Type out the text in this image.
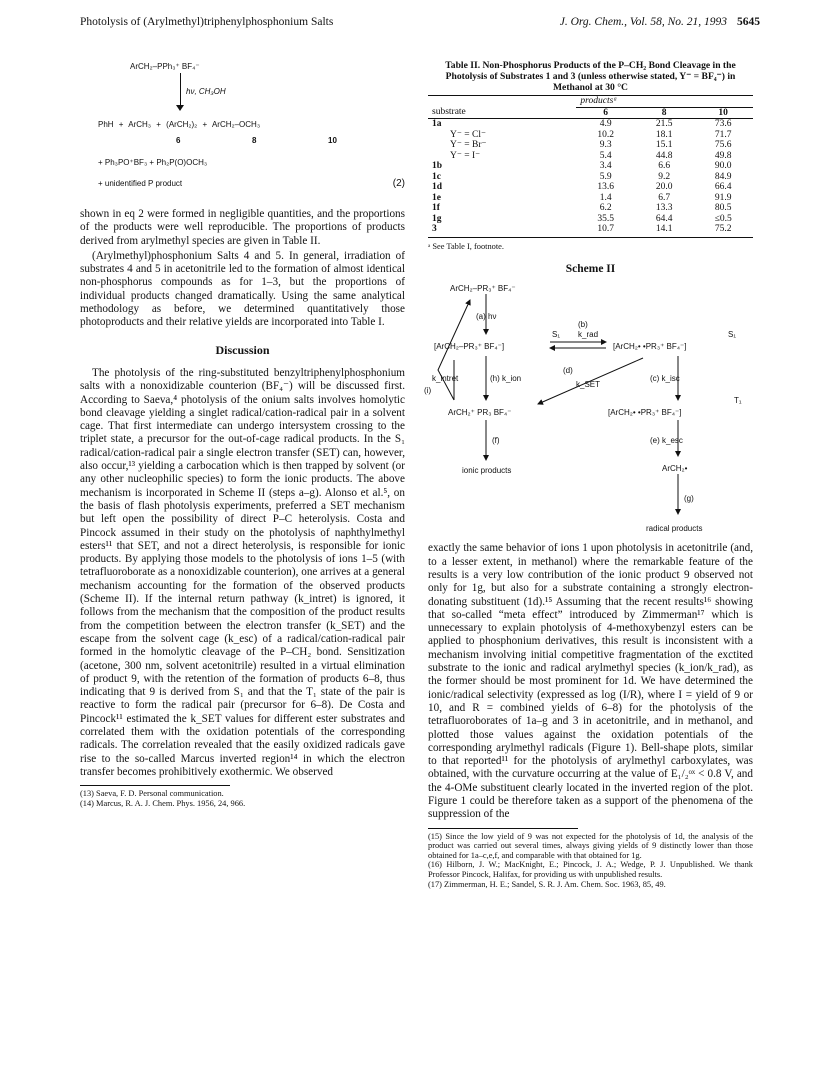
Photolysis of (Arylmethyl)triphenylphosphonium Salts	J. Org. Chem., Vol. 58, No. 21, 1993 5645
ArCH₂–PPh₃⁺ BF₄⁻
hν, CH₃OH
PhH + ArCH₃ + (ArCH₂)₂ + ArCH₂–OCH₃
6	8	10
+ Ph₃PO⁺BF₃ + Ph₂P(O)OCH₃
+ unidentified P product	(2)

shown in eq 2 were formed in negligible quantities, and the proportions of the products were well reproducible. The proportions of products derived from arylmethyl species are given in Table II.

(Arylmethyl)phosphonium Salts 4 and 5. In general, irradiation of substrates 4 and 5 in acetonitrile led to the formation of almost identical non-phosphorus compounds as for 1–3, but the proportions of individual products changed dramatically. Using the same analytical methodology as before, we determined quantitatively those photoproducts and their relative yields are incorporated into Table I.

Discussion

The photolysis of the ring-substituted benzyltriphenylphosphonium salts with a nonoxidizable counterion (BF₄⁻) will be discussed first. According to Saeva,⁴ photolysis of the onium salts involves homolytic bond cleavage yielding a singlet radical/cation-radical pair in a solvent cage. That first intermediate can undergo intersystem crossing to the triplet state, a precursor for the out-of-cage radical products. In the S₁ radical/cation-radical pair a single electron transfer (SET) can, however, also occur,¹³ yielding a carbocation which is then trapped by solvent (or any other nucleophilic species) to form the ionic products. The above mechanism is incorporated in Scheme II (steps a–g). Alonso et al.⁵, on the basis of flash photolysis experiments, preferred a SET mechanism but left open the possibility of direct P–C heterolysis. Costa and Pincock assumed in their study on the photolysis of naphthylmethyl esters¹¹ that SET, and not a direct heterolysis, is responsible for ionic products. By applying those models to the photolysis of ions 1–5 (with tetrafluoroborate as a nonoxidizable counterion), one arrives at a general mechanism accounting for the formation of the observed products (Scheme II). If the internal return pathway (k_intret) is ignored, it follows from the mechanism that the composition of the product results from the competition between the electron transfer (k_SET) and the escape from the solvent cage (k_esc) of a radical/cation-radical pair formed in the homolytic cleavage of the P–CH₂ bond. Sensitization (acetone, 300 nm, solvent acetonitrile) resulted in a virtual elimination of product 9, with the retention of the formation of products 6–8, thus indicating that 9 is derived from S₁ and that the T₁ state of the pair is reactive to form the radical pair (precursor for 6–8). De Costa and Pincock¹¹ estimated the k_SET values for different ester substrates and correlated them with the oxidation potentials of the corresponding radicals. The correlation revealed that the easily oxidized radicals gave rise to the so-called Marcus inverted region¹⁴ in which the electron transfer becomes prohibitively exothermic. We observed

(13) Saeva, F. D. Personal communication.
(14) Marcus, R. A. J. Chem. Phys. 1956, 24, 966.
Table II. Non-Phosphorus Products of the P–CH₂ Bond Cleavage in the Photolysis of Substrates 1 and 3 (unless otherwise stated, Y⁻ = BF₄⁻) in Methanol at 30 °C
	productsᵃ		
substrate	6	8	10
1a	4.9	21.5	73.6
Y⁻ = Cl⁻	10.2	18.1	71.7
Y⁻ = Br⁻	9.3	15.1	75.6
Y⁻ = I⁻	5.4	44.8	49.8
1b	3.4	6.6	90.0
1c	5.9	9.2	84.9
1d	13.6	20.0	66.4
1e	1.4	6.7	91.9
1f	6.2	13.3	80.5
1g	35.5	64.4	≤0.5
3	10.7	14.1	75.2
ᵃ See Table I, footnote.
Scheme II
ArCH₂–PR₃⁺ BF₄⁻
(a) hν
S₁
(b)
k_rad
[ArCH₂–PR₃⁺ BF₄⁻]
S₁
[ArCH₂• •PR₃⁺ BF₄⁻]
(i)
k_intret	(h) k_ion
(d)
k_SET
(c) k_isc
ArCH₂⁺ PR₃ BF₄⁻
T₁
[ArCH₂• •PR₃⁺ BF₄⁻]
(f)	(e) k_esc
ionic products	ArCH₂•
(g)
radical products

exactly the same behavior of ions 1 upon photolysis in acetonitrile (and, to a lesser extent, in methanol) where the remarkable feature of the results is a very low contribution of the ionic product 9 observed not only for 1g, but also for a substrate containing a strongly electron-donating substituent (1d).¹⁵ Assuming that the recent results¹⁶ showing that so-called “meta effect” introduced by Zimmerman¹⁷ which is unnecessary to explain photolysis of 4-methoxybenzyl esters can be applied to phosphonium derivatives, this result is inconsistent with a mechanism involving initial competitive fragmentation of the exctited substrate to the ionic and radical arylmethyl species (k_ion/k_rad), as the former should be most prominent for 1d. We have determined the ionic/radical selectivity (expressed as log (I/R), where I = yield of 9 or 10, and R = combined yields of 6–8) for the photolysis of the tetrafluoroborates of 1a–g and 3 in acetonitrile, and in methanol, and plotted those values against the oxidation potentials of the corresponding arylmethyl radicals (Figure 1). Bell-shape plots, similar to that reported¹¹ for the photolysis of arylmethyl carboxylates, was obtained, with the curvature occurring at the value of E₁/₂ᵒˣ < 0.8 V, and the 4-OMe substituent clearly located in the inverted region of the plot. Figure 1 could be therefore taken as a support of the phenomena of the suppression of the

(15) Since the low yield of 9 was not expected for the photolysis of 1d, the analysis of the product was carried out several times, always giving yields of 9 distinctly lower than those obtained for 1a–c,e,f, and comparable with that obtained for 1g.
(16) Hilborn, J. W.; MacKnight, E.; Pincock, J. A.; Wedge, P. J. Unpublished. We thank Professor Pincock, Halifax, for providing us with unpublished results.
(17) Zimmerman, H. E.; Sandel, S. R. J. Am. Chem. Soc. 1963, 85, 49.
